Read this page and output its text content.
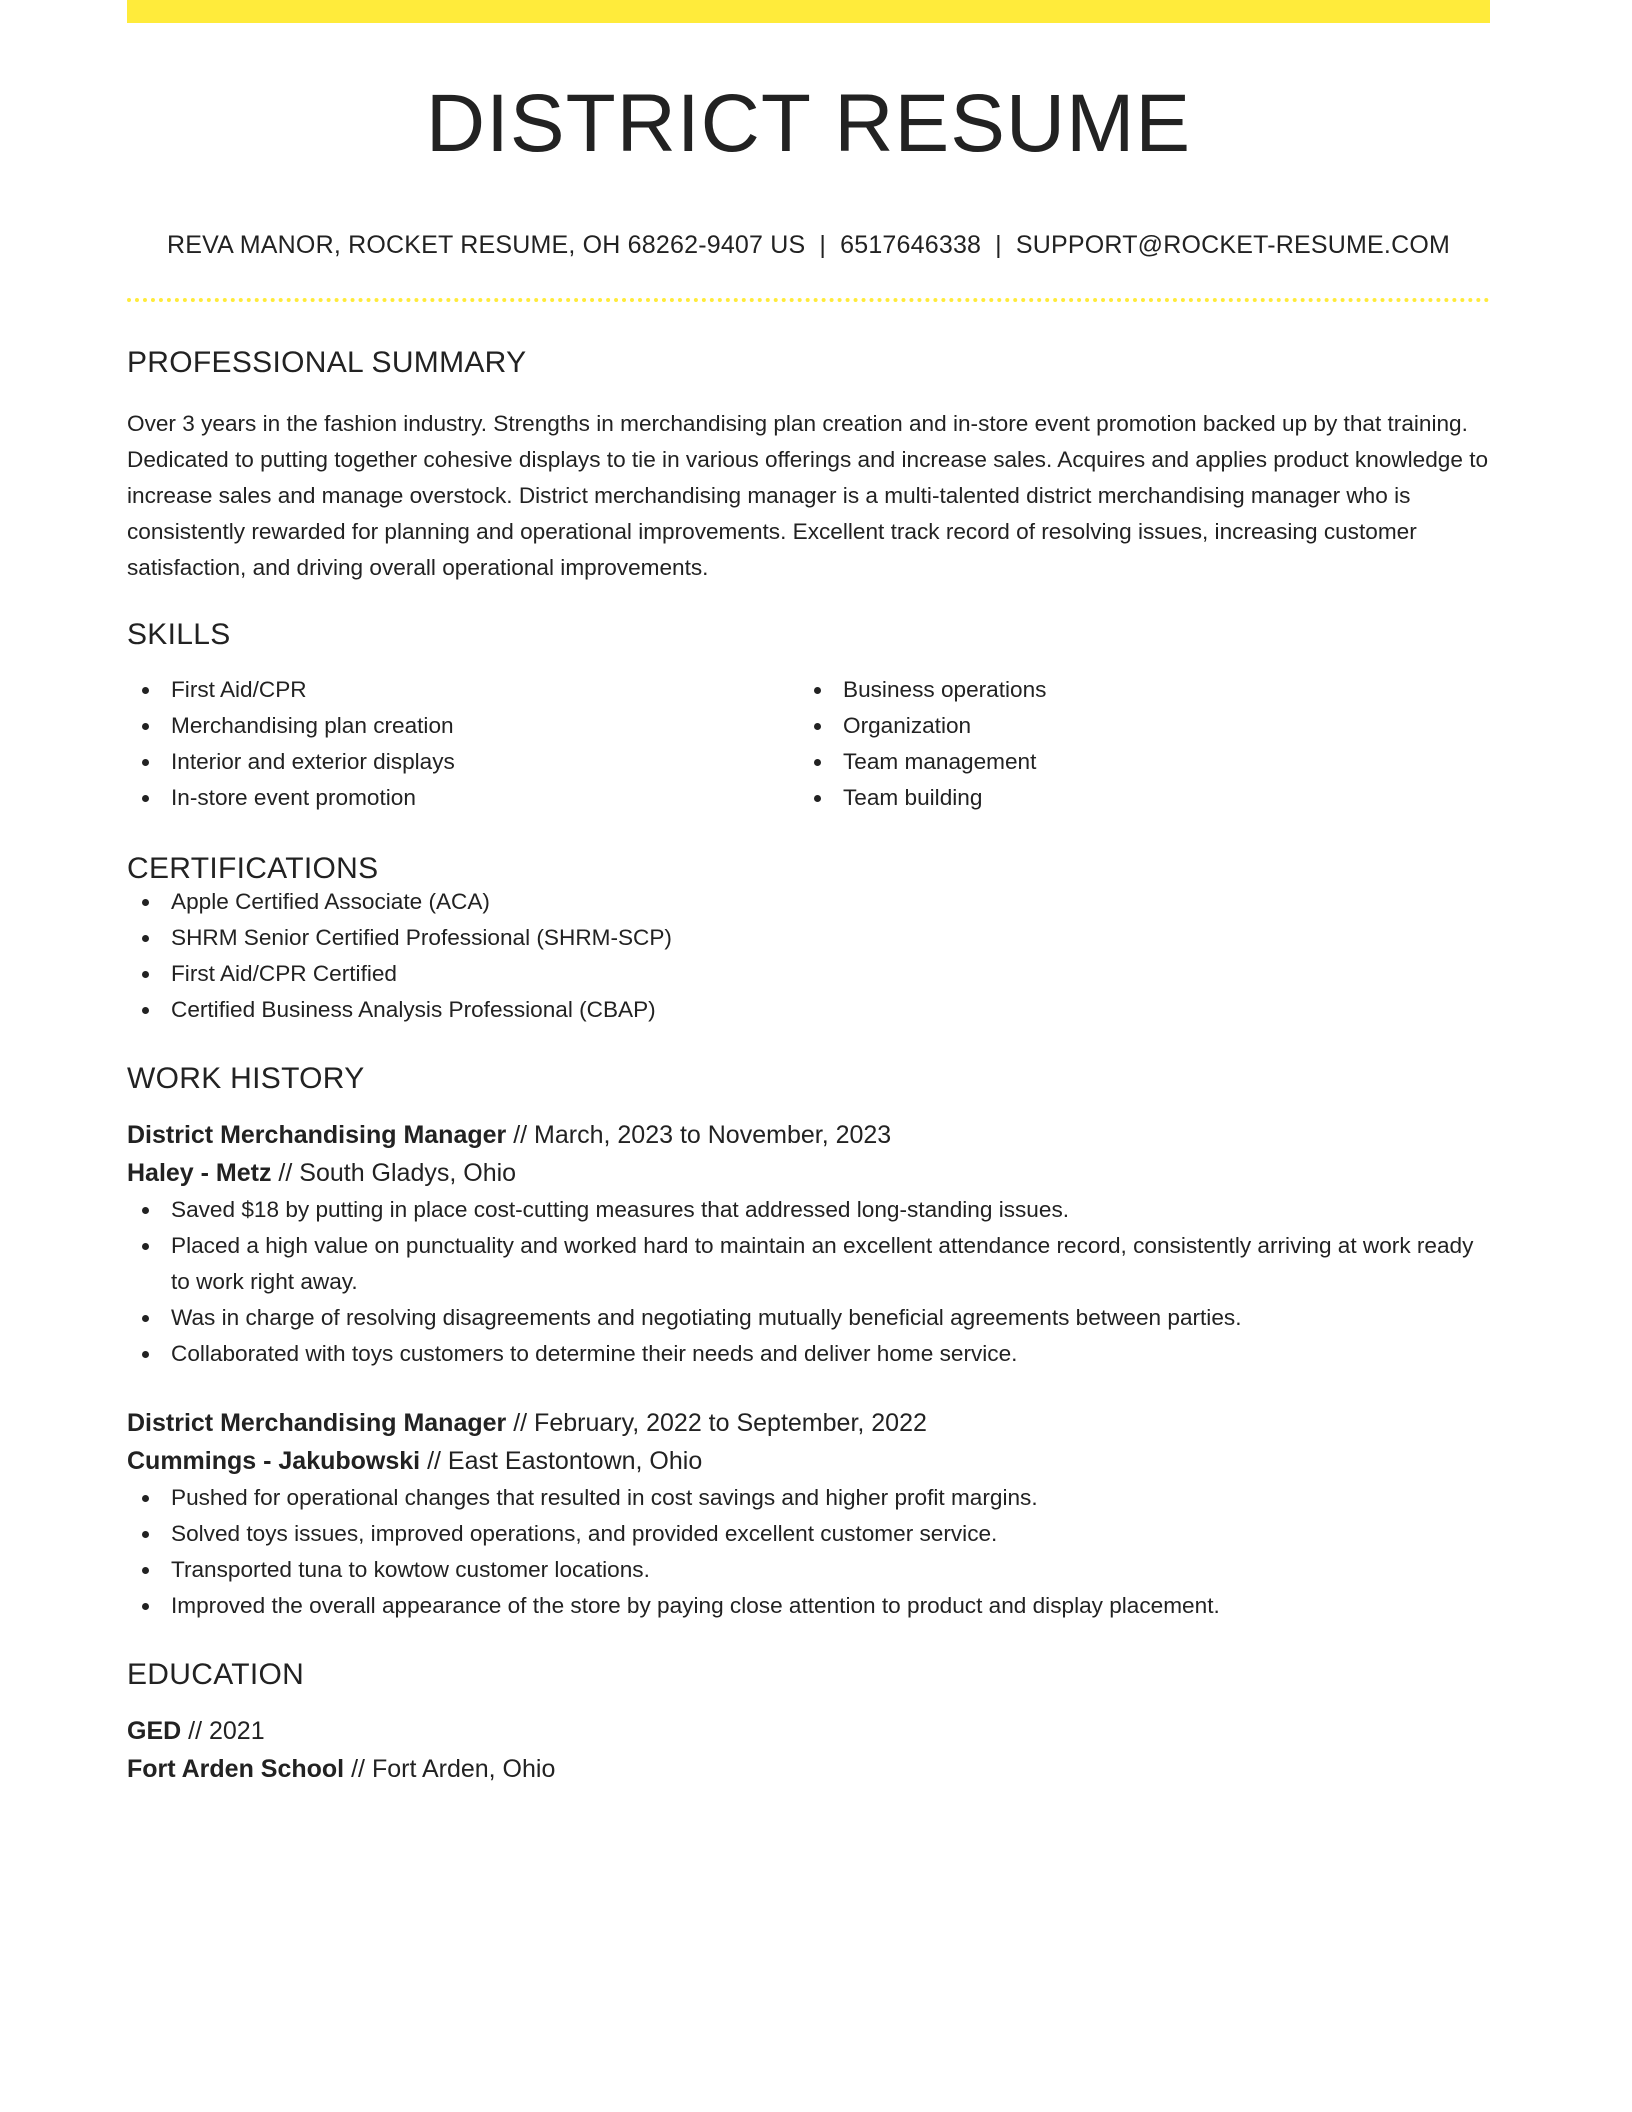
DISTRICT RESUME
REVA MANOR, ROCKET RESUME, OH 68262-9407 US | 6517646338 | SUPPORT@ROCKET-RESUME.COM
PROFESSIONAL SUMMARY

Over 3 years in the fashion industry. Strengths in merchandising plan creation and in-store event promotion backed up by that training. Dedicated to putting together cohesive displays to tie in various offerings and increase sales. Acquires and applies product knowledge to increase sales and manage overstock. District merchandising manager is a multi-talented district merchandising manager who is consistently rewarded for planning and operational improvements. Excellent track record of resolving issues, increasing customer satisfaction, and driving overall operational improvements.

SKILLS
First Aid/CPR
Merchandising plan creation
Interior and exterior displays
In-store event promotion
Business operations
Organization
Team management
Team building
CERTIFICATIONS
Apple Certified Associate (ACA)
SHRM Senior Certified Professional (SHRM-SCP)
First Aid/CPR Certified
Certified Business Analysis Professional (CBAP)
WORK HISTORY
District Merchandising Manager // March, 2023 to November, 2023
Haley - Metz // South Gladys, Ohio
Saved $18 by putting in place cost-cutting measures that addressed long-standing issues.
Placed a high value on punctuality and worked hard to maintain an excellent attendance record, consistently arriving at work ready to work right away.
Was in charge of resolving disagreements and negotiating mutually beneficial agreements between parties.
Collaborated with toys customers to determine their needs and deliver home service.
District Merchandising Manager // February, 2022 to September, 2022
Cummings - Jakubowski // East Eastontown, Ohio
Pushed for operational changes that resulted in cost savings and higher profit margins.
Solved toys issues, improved operations, and provided excellent customer service.
Transported tuna to kowtow customer locations.
Improved the overall appearance of the store by paying close attention to product and display placement.
EDUCATION
GED // 2021
Fort Arden School // Fort Arden, Ohio
